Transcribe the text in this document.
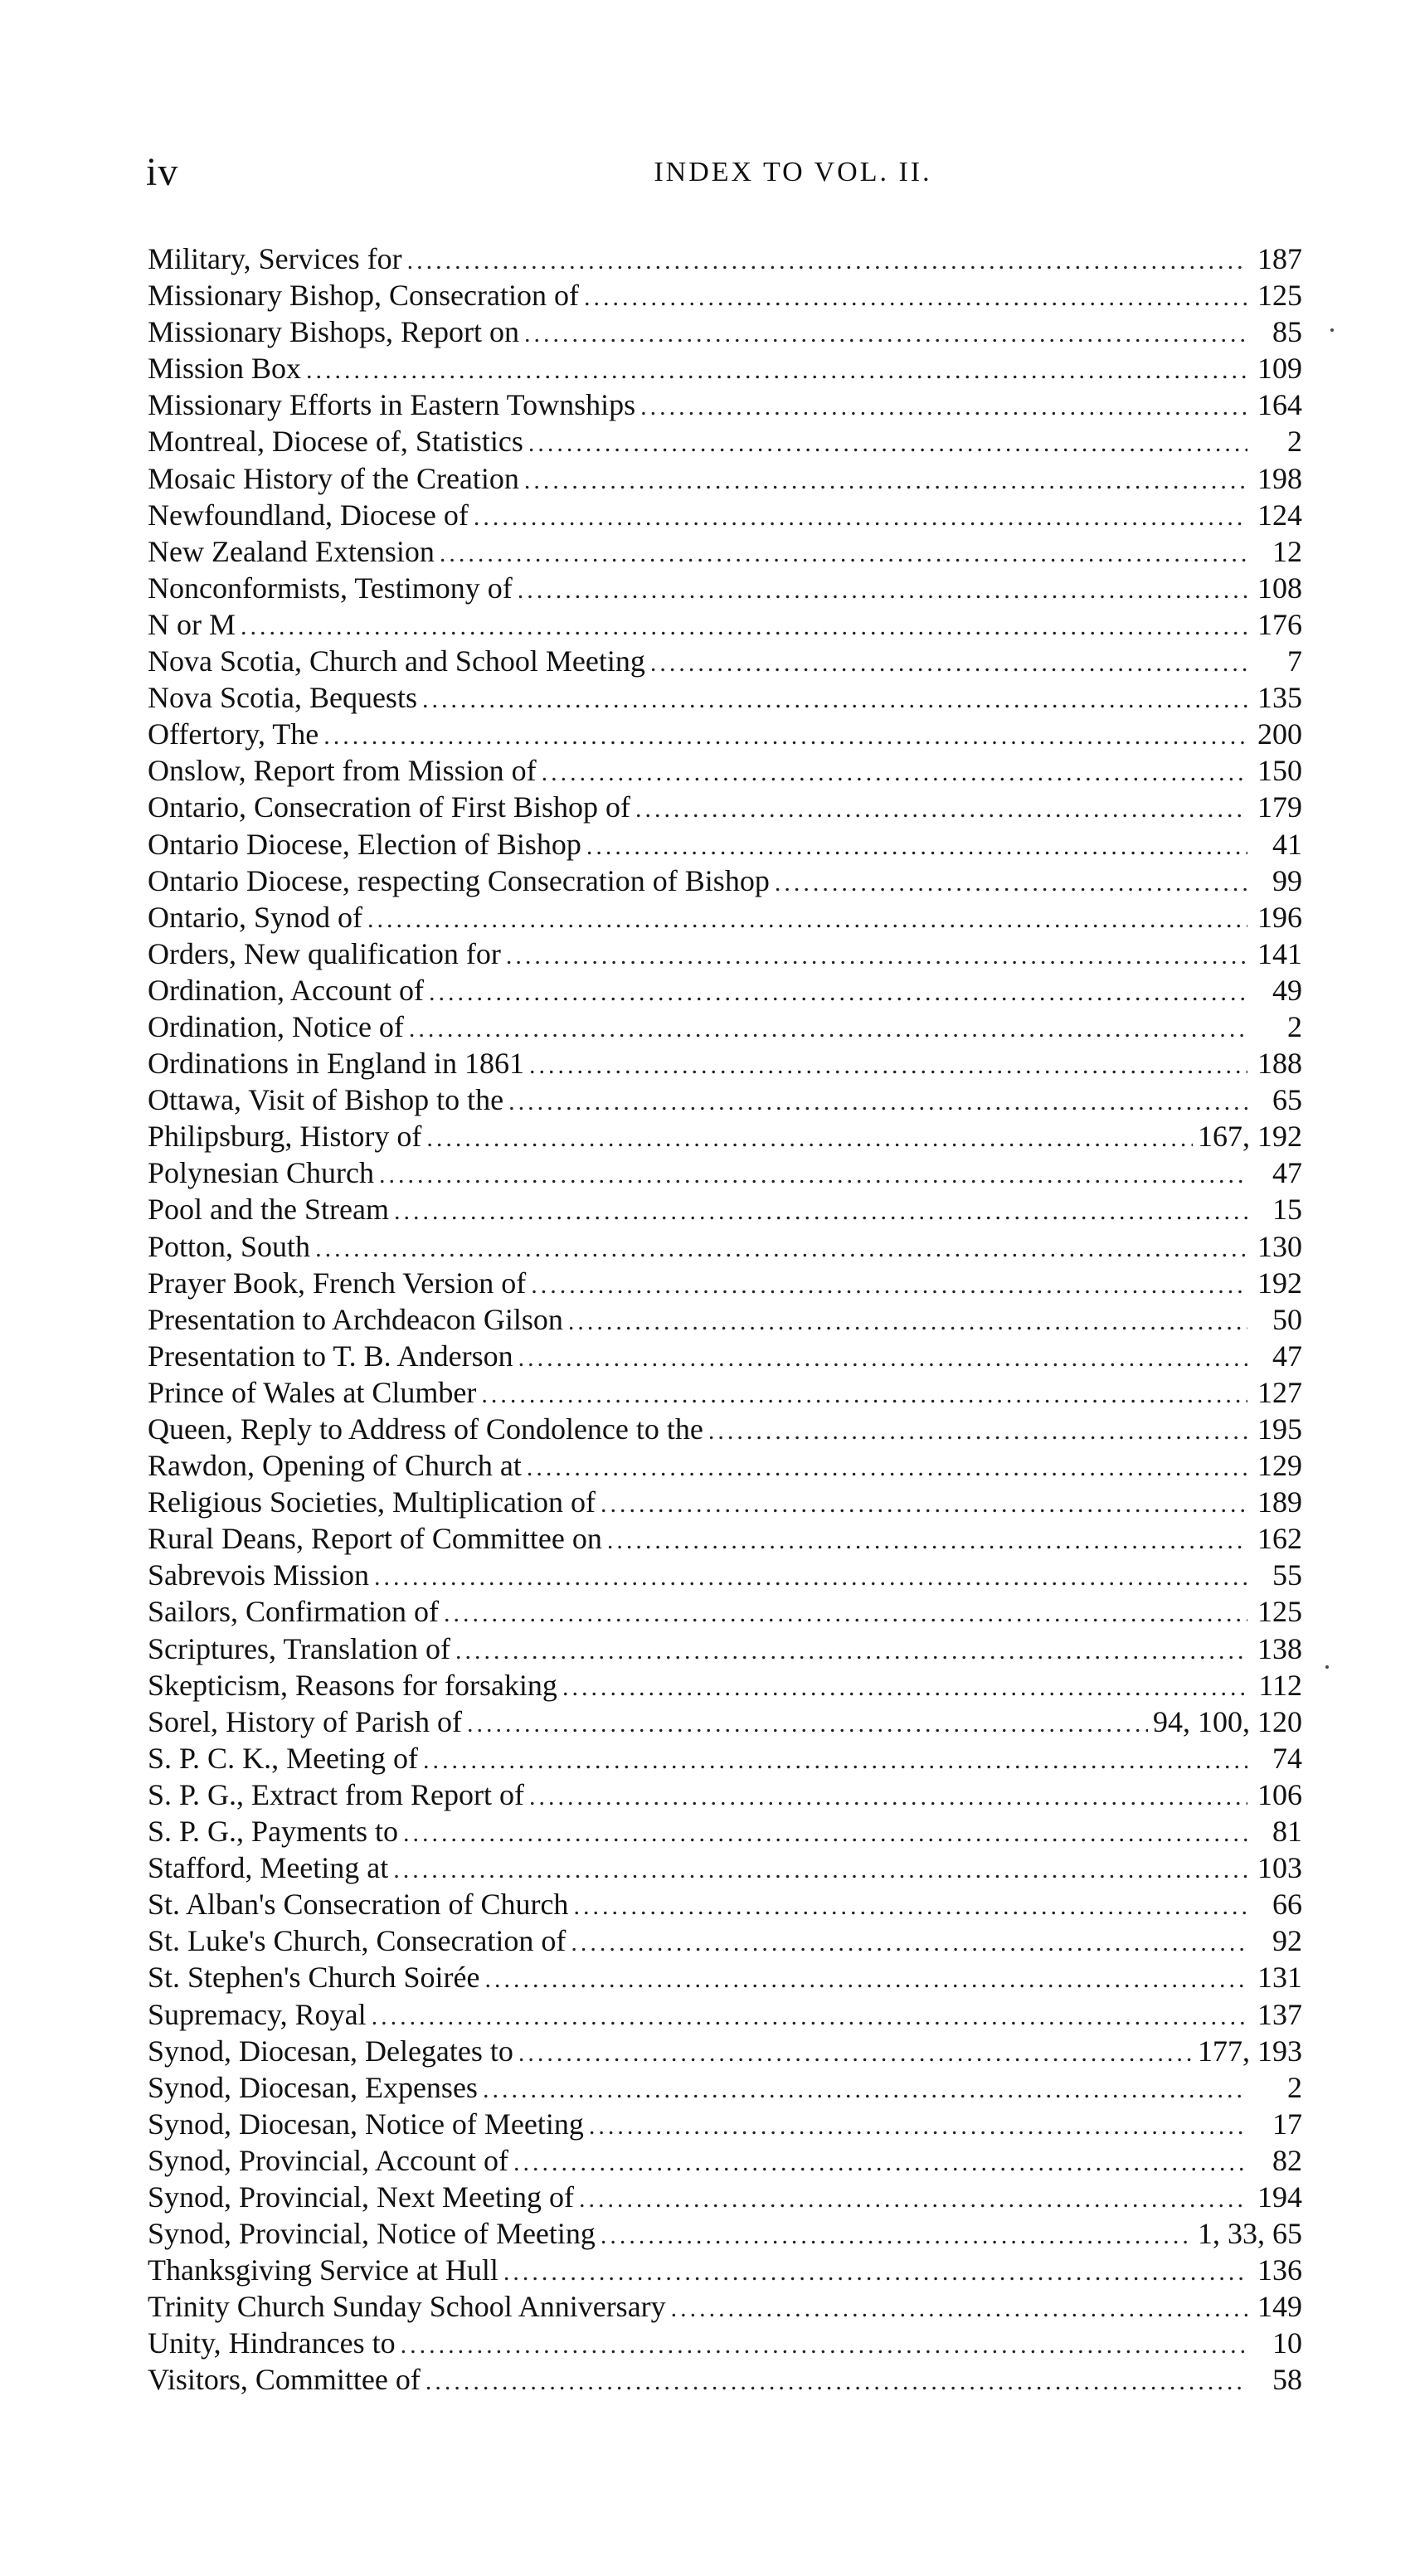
iv	INDEX TO VOL. II.
Military, Services for .....	187
Missionary Bishop, Consecration of .....	125
Missionary Bishops, Report on .....	85
Mission Box .....	109
Missionary Efforts in Eastern Townships .....	164
Montreal, Diocese of, Statistics .....	2
Mosaic History of the Creation .....	198
Newfoundland, Diocese of .....	124
New Zealand Extension .....	12
Nonconformists, Testimony of .....	108
N or M .....	176
Nova Scotia, Church and School Meeting .....	7
Nova Scotia, Bequests .....	135
Offertory, The .....	200
Onslow, Report from Mission of .....	150
Ontario, Consecration of First Bishop of .....	179
Ontario Diocese, Election of Bishop .....	41
Ontario Diocese, respecting Consecration of Bishop .....	99
Ontario, Synod of .....	196
Orders, New qualification for .....	141
Ordination, Account of .....	49
Ordination, Notice of .....	2
Ordinations in England in 1861 .....	188
Ottawa, Visit of Bishop to the .....	65
Philipsburg, History of .....	167, 192
Polynesian Church .....	47
Pool and the Stream .....	15
Potton, South .....	130
Prayer Book, French Version of .....	192
Presentation to Archdeacon Gilson .....	50
Presentation to T. B. Anderson .....	47
Prince of Wales at Clumber .....	127
Queen, Reply to Address of Condolence to the .....	195
Rawdon, Opening of Church at .....	129
Religious Societies, Multiplication of .....	189
Rural Deans, Report of Committee on .....	162
Sabrevois Mission .....	55
Sailors, Confirmation of .....	125
Scriptures, Translation of .....	138
Skepticism, Reasons for forsaking .....	112
Sorel, History of Parish of .....	94, 100, 120
S. P. C. K., Meeting of .....	74
S. P. G., Extract from Report of .....	106
S. P. G., Payments to .....	81
Stafford, Meeting at .....	103
St. Alban's Consecration of Church .....	66
St. Luke's Church, Consecration of .....	92
St. Stephen's Church Soirée .....	131
Supremacy, Royal .....	137
Synod, Diocesan, Delegates to .....	177, 193
Synod, Diocesan, Expenses .....	2
Synod, Diocesan, Notice of Meeting .....	17
Synod, Provincial, Account of .....	82
Synod, Provincial, Next Meeting of .....	194
Synod, Provincial, Notice of Meeting .....	1, 33, 65
Thanksgiving Service at Hull .....	136
Trinity Church Sunday School Anniversary .....	149
Unity, Hindrances to .....	10
Visitors, Committee of .....	58
